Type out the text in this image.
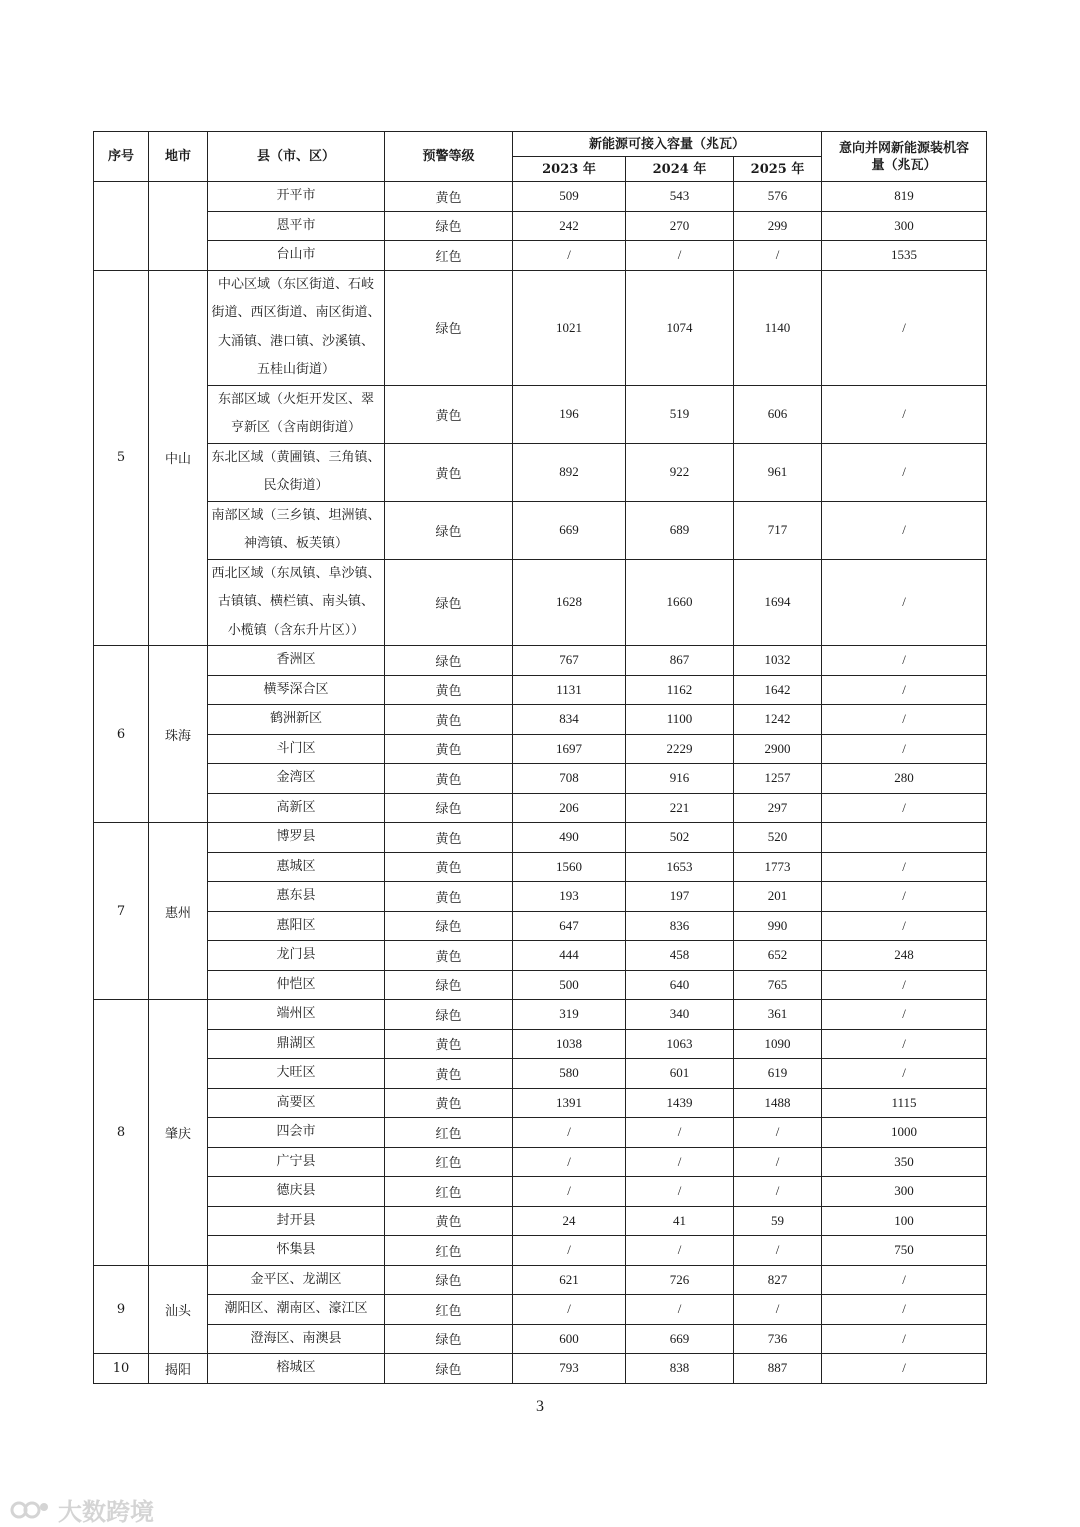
序号	地市	县（市、区）	预警等级	新能源可接入容量（兆瓦）			意向并网新能源装机容量（兆瓦）
				2023 年	2024 年	2025 年	

		开平市	黄色	509	543	576	819

		恩平市	绿色	242	270	299	300

		台山市	红色	/	/	/	1535
5	中山	中心区域（东区街道、石岐
街道、西区街道、南区街道、
大涌镇、港口镇、沙溪镇、
五桂山街道）	绿色	1021	1074	1140	/

		东部区域（火炬开发区、翠
亨新区（含南朗街道）	黄色	196	519	606	/

		东北区域（黄圃镇、三角镇、
民众街道）	黄色	892	922	961	/

		南部区域（三乡镇、坦洲镇、
神湾镇、板芙镇）	绿色	669	689	717	/

		西北区域（东凤镇、阜沙镇、
古镇镇、横栏镇、南头镇、
小榄镇（含东升片区））	绿色	1628	1660	1694	/
6	珠海	香洲区	绿色	767	867	1032	/

		横琴深合区	黄色	1131	1162	1642	/

		鹤洲新区	黄色	834	1100	1242	/

		斗门区	黄色	1697	2229	2900	/

		金湾区	黄色	708	916	1257	280

		高新区	绿色	206	221	297	/
7	惠州	博罗县	黄色	490	502	520	

		惠城区	黄色	1560	1653	1773	/

		惠东县	黄色	193	197	201	/

		惠阳区	绿色	647	836	990	/

		龙门县	黄色	444	458	652	248

		仲恺区	绿色	500	640	765	/
8	肇庆	端州区	绿色	319	340	361	/

		鼎湖区	黄色	1038	1063	1090	/

		大旺区	黄色	580	601	619	/

		高要区	黄色	1391	1439	1488	1115

		四会市	红色	/	/	/	1000

		广宁县	红色	/	/	/	350

		德庆县	红色	/	/	/	300

		封开县	黄色	24	41	59	100

		怀集县	红色	/	/	/	750
9	汕头	金平区、龙湖区	绿色	621	726	827	/

		潮阳区、潮南区、濠江区	红色	/	/	/	/

		澄海区、南澳县	绿色	600	669	736	/
10	揭阳	榕城区	绿色	793	838	887	/
3
大数跨境
